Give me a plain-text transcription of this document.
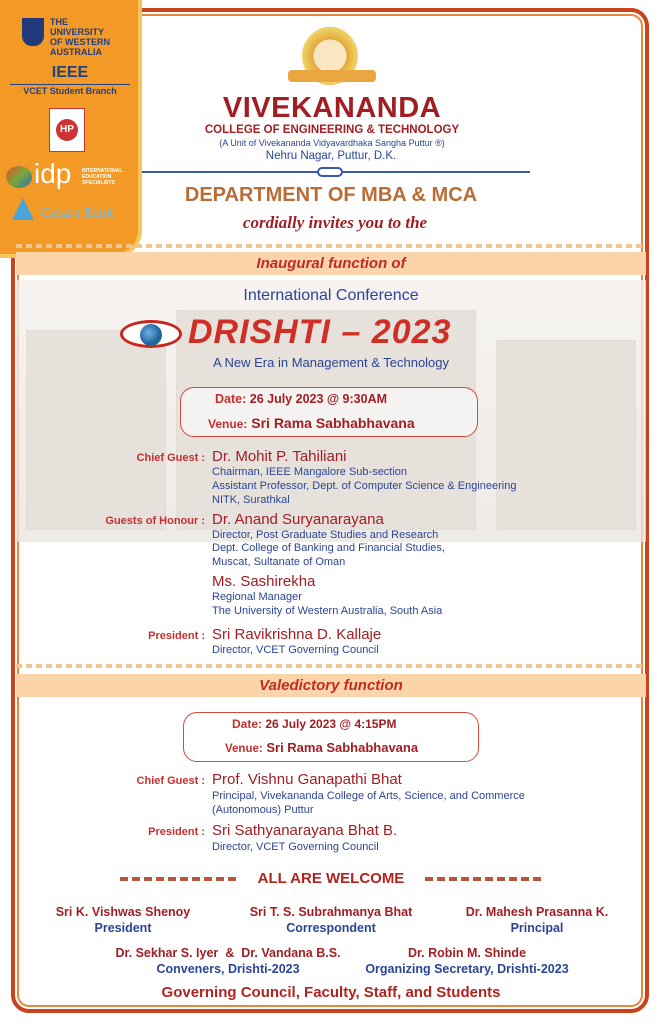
THE UNIVERSITY OF WESTERN AUSTRALIA
IEEE
VCET Student Branch
HP
idp INTERNATIONAL EDUCATION SPECIALISTS
Canara Bank
VIVEKANANDA
COLLEGE OF ENGINEERING & TECHNOLOGY
(A Unit of Vivekananda Vidyavardhaka Sangha Puttur ®)
Nehru Nagar, Puttur, D.K.
DEPARTMENT OF MBA & MCA
cordially invites you to the
Inaugural function of
International Conference
DRISHTI – 2023
A New Era in Management & Technology
Date: 26 July 2023 @ 9:30AM
Venue: Sri Rama Sabhabhavana
Chief Guest : Dr. Mohit P. Tahiliani
Chairman, IEEE Mangalore Sub-section
Assistant Professor, Dept. of Computer Science & Engineering
NITK, Surathkal
Guests of Honour : Dr. Anand Suryanarayana
Director, Post Graduate Studies and Research
Dept. College of Banking and Financial Studies,
Muscat, Sultanate of Oman
Ms. Sashirekha
Regional Manager
The University of Western Australia, South Asia
President : Sri Ravikrishna D. Kallaje
Director, VCET Governing Council
Valedictory function
Date: 26 July 2023 @ 4:15PM
Venue: Sri Rama Sabhabhavana
Chief Guest : Prof. Vishnu Ganapathi Bhat
Principal, Vivekananda College of Arts, Science, and Commerce
(Autonomous) Puttur
President : Sri Sathyanarayana Bhat B.
Director, VCET Governing Council
ALL ARE WELCOME
Sri K. Vishwas Shenoy
President
Sri T. S. Subrahmanya Bhat
Correspondent
Dr. Mahesh Prasanna K.
Principal
Dr. Sekhar S. Iyer  &  Dr. Vandana B.S.
Conveners, Drishti-2023
Dr. Robin M. Shinde
Organizing Secretary, Drishti-2023
Governing Council, Faculty, Staff, and Students
